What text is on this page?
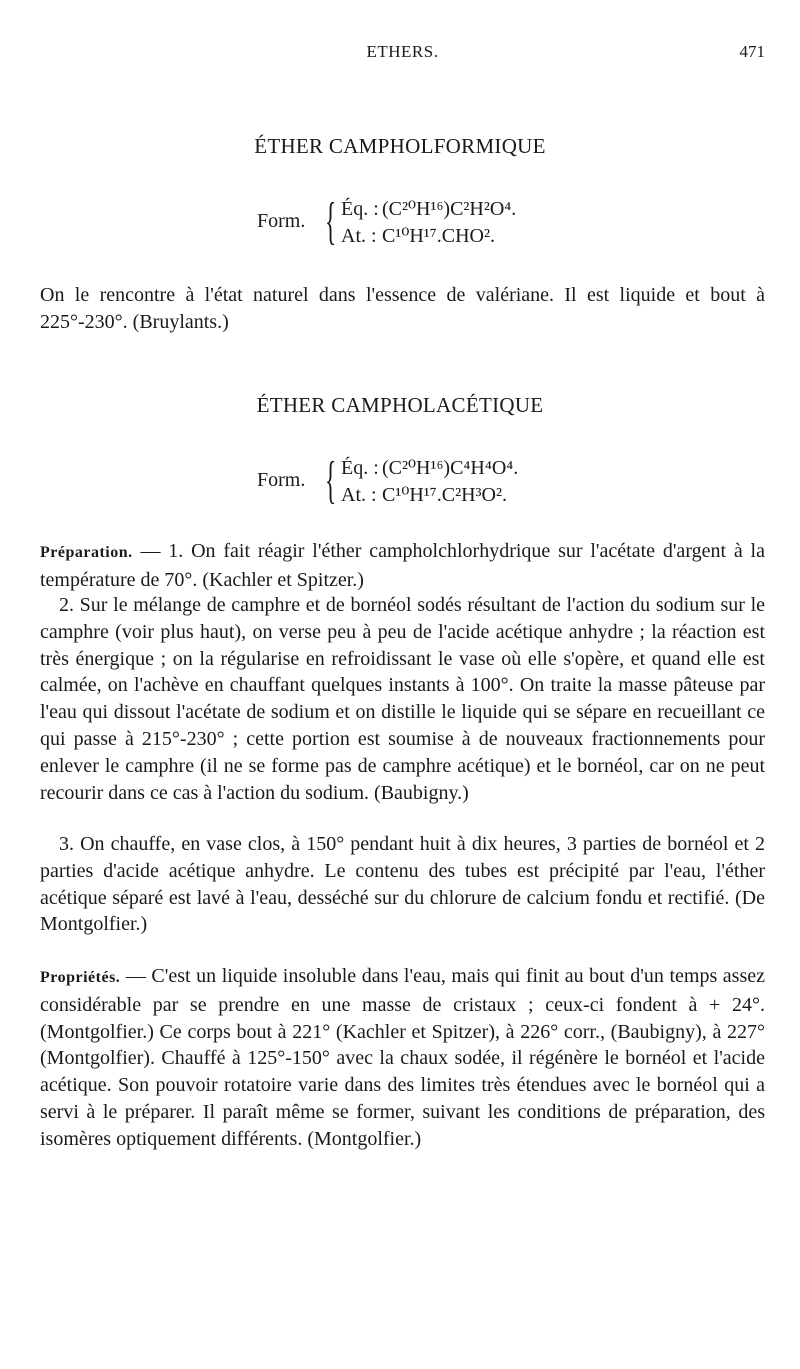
ETHERS.	471
ÉTHER CAMPHOLFORMIQUE
Form. { Éq. : (C²⁰H¹⁶)C²H²O⁴.
At. : C¹⁰H¹⁷.CHO².

On le rencontre à l'état naturel dans l'essence de valériane. Il est liquide et bout à 225°-230°. (Bruylants.)

ÉTHER CAMPHOLACÉTIQUE
Form. { Éq. : (C²⁰H¹⁶)C⁴H⁴O⁴.
At. : C¹⁰H¹⁷.C²H³O².

Préparation. — 1. On fait réagir l'éther campholchlorhydrique sur l'acétate d'argent à la température de 70°. (Kachler et Spitzer.)

2. Sur le mélange de camphre et de bornéol sodés résultant de l'action du sodium sur le camphre (voir plus haut), on verse peu à peu de l'acide acétique anhydre ; la réaction est très énergique ; on la régularise en refroidissant le vase où elle s'opère, et quand elle est calmée, on l'achève en chauffant quelques instants à 100°. On traite la masse pâteuse par l'eau qui dissout l'acétate de sodium et on distille le liquide qui se sépare en recueillant ce qui passe à 215°-230° ; cette portion est soumise à de nouveaux fractionnements pour enlever le camphre (il ne se forme pas de camphre acétique) et le bornéol, car on ne peut recourir dans ce cas à l'action du sodium. (Baubigny.)

3. On chauffe, en vase clos, à 150° pendant huit à dix heures, 3 parties de bornéol et 2 parties d'acide acétique anhydre. Le contenu des tubes est précipité par l'eau, l'éther acétique séparé est lavé à l'eau, desséché sur du chlorure de calcium fondu et rectifié. (De Montgolfier.)

Propriétés. — C'est un liquide insoluble dans l'eau, mais qui finit au bout d'un temps assez considérable par se prendre en une masse de cristaux ; ceux-ci fondent à + 24°. (Montgolfier.) Ce corps bout à 221° (Kachler et Spitzer), à 226° corr., (Baubigny), à 227° (Montgolfier). Chauffé à 125°-150° avec la chaux sodée, il régénère le bornéol et l'acide acétique. Son pouvoir rotatoire varie dans des limites très étendues avec le bornéol qui a servi à le préparer. Il paraît même se former, suivant les conditions de préparation, des isomères optiquement différents. (Montgolfier.)
